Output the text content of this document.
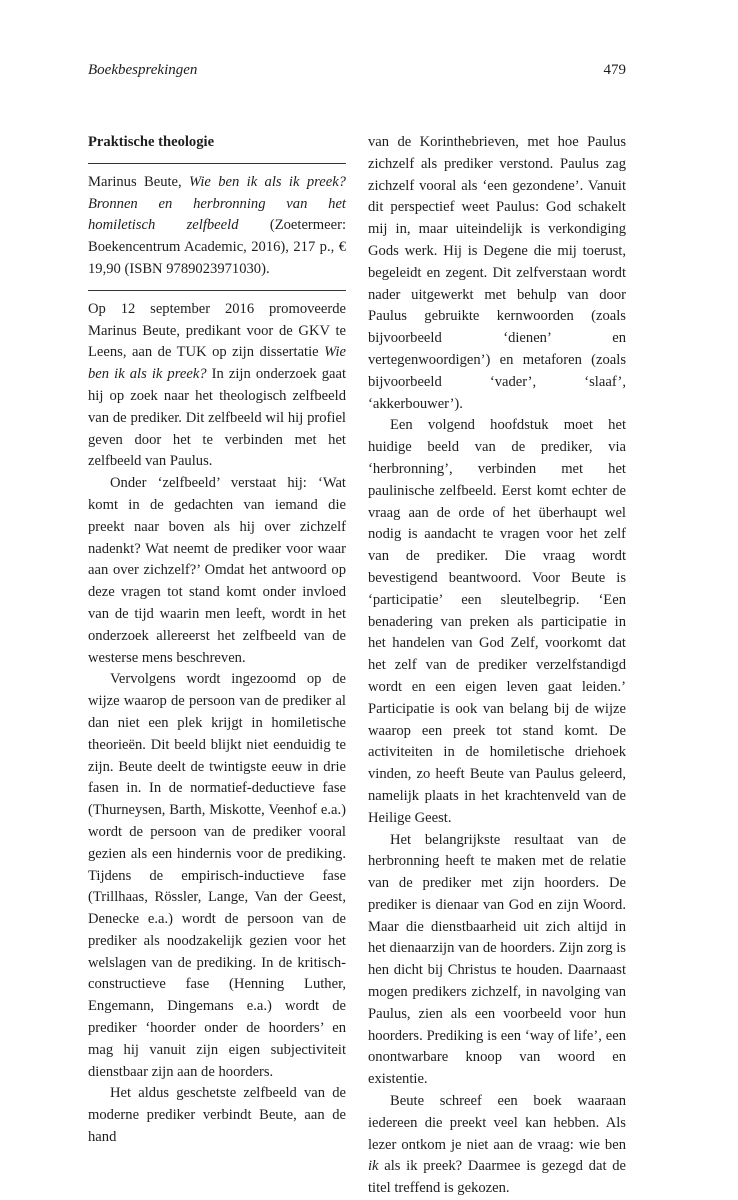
Boekbesprekingen	479

Praktische theologie

Marinus Beute, Wie ben ik als ik preek? Bronnen en herbronning van het homiletisch zelfbeeld (Zoetermeer: Boekencentrum Academic, 2016), 217 p., € 19,90 (ISBN 9789023971030).

Op 12 september 2016 promoveerde Marinus Beute, predikant voor de GKV te Leens, aan de TUK op zijn dissertatie Wie ben ik als ik preek? In zijn onderzoek gaat hij op zoek naar het theologisch zelfbeeld van de prediker. Dit zelfbeeld wil hij profiel geven door het te verbinden met het zelfbeeld van Paulus.

Onder ‘zelfbeeld’ verstaat hij: ‘Wat komt in de gedachten van iemand die preekt naar boven als hij over zichzelf nadenkt? Wat neemt de prediker voor waar aan over zichzelf?’ Omdat het antwoord op deze vragen tot stand komt onder invloed van de tijd waarin men leeft, wordt in het onderzoek allereerst het zelfbeeld van de westerse mens beschreven.

Vervolgens wordt ingezoomd op de wijze waarop de persoon van de prediker al dan niet een plek krijgt in homiletische theorieën. Dit beeld blijkt niet eenduidig te zijn. Beute deelt de twintigste eeuw in drie fasen in. In de normatief-deductieve fase (Thurneysen, Barth, Miskotte, Veenhof e.a.) wordt de persoon van de prediker vooral gezien als een hindernis voor de prediking. Tijdens de empirisch-inductieve fase (Trillhaas, Rössler, Lange, Van der Geest, Denecke e.a.) wordt de persoon van de prediker als noodzakelijk gezien voor het welslagen van de prediking. In de kritisch-constructieve fase (Henning Luther, Engemann, Dingemans e.a.) wordt de prediker ‘hoorder onder de hoorders’ en mag hij vanuit zijn eigen subjectiviteit dienstbaar zijn aan de hoorders.

Het aldus geschetste zelfbeeld van de moderne prediker verbindt Beute, aan de hand

van de Korinthebrieven, met hoe Paulus zichzelf als prediker verstond. Paulus zag zichzelf vooral als ‘een gezondene’. Vanuit dit perspectief weet Paulus: God schakelt mij in, maar uiteindelijk is verkondiging Gods werk. Hij is Degene die mij toerust, begeleidt en zegent. Dit zelfverstaan wordt nader uitgewerkt met behulp van door Paulus gebruikte kernwoorden (zoals bijvoorbeeld ‘dienen’ en vertegenwoordigen’) en metaforen (zoals bijvoorbeeld ‘vader’, ‘slaaf’, ‘akkerbouwer’).

Een volgend hoofdstuk moet het huidige beeld van de prediker, via ‘herbronning’, verbinden met het paulinische zelfbeeld. Eerst komt echter de vraag aan de orde of het überhaupt wel nodig is aandacht te vragen voor het zelf van de prediker. Die vraag wordt bevestigend beantwoord. Voor Beute is ‘participatie’ een sleutelbegrip. ‘Een benadering van preken als participatie in het handelen van God Zelf, voorkomt dat het zelf van de prediker verzelfstandigd wordt en een eigen leven gaat leiden.’ Participatie is ook van belang bij de wijze waarop een preek tot stand komt. De activiteiten in de homiletische driehoek vinden, zo heeft Beute van Paulus geleerd, namelijk plaats in het krachtenveld van de Heilige Geest.

Het belangrijkste resultaat van de herbronning heeft te maken met de relatie van de prediker met zijn hoorders. De prediker is dienaar van God en zijn Woord. Maar die dienstbaarheid uit zich altijd in het dienaarzijn van de hoorders. Zijn zorg is hen dicht bij Christus te houden. Daarnaast mogen predikers zichzelf, in navolging van Paulus, zien als een voorbeeld voor hun hoorders. Prediking is een ‘way of life’, een onontwarbare knoop van woord en existentie.

Beute schreef een boek waaraan iedereen die preekt veel kan hebben. Als lezer ontkom je niet aan de vraag: wie ben ik als ik preek? Daarmee is gezegd dat de titel treffend is gekozen.
